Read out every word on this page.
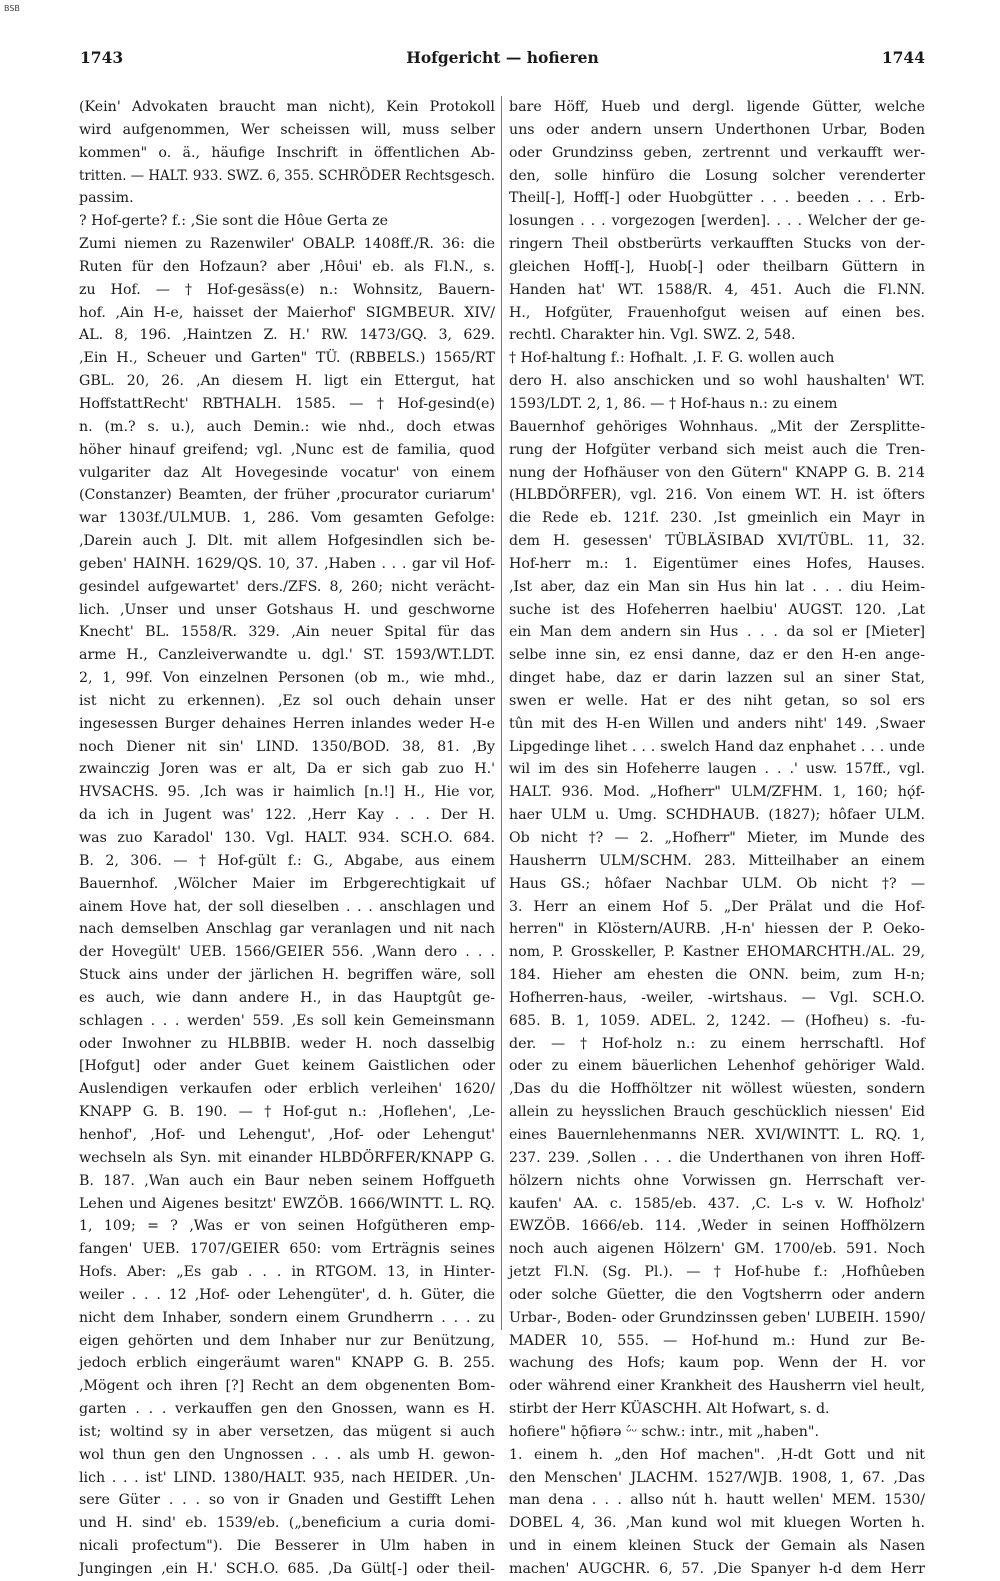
BSB
1743	Hofgericht — hofieren	1744
(Kein' Advokaten braucht man nicht), Kein Protokoll
wird aufgenommen, Wer scheissen will, muss selber
kommen" o. ä., häufige Inschrift in öffentlichen Ab-
tritten. — HALT. 933. SWZ. 6, 355. SCHRÖDER Rechtsgesch.
passim.
? Hof-gerte? f.: ‚Sie sont die Hôue Gerta ze
Zumi niemen zu Razenwiler' OBALP. 1408ff./R. 36: die
Ruten für den Hofzaun? aber ‚Hôui' eb. als Fl.N., s.
zu Hof. — † Hof-gesäss(e) n.: Wohnsitz, Bauern-
hof. ‚Ain H-e, haisset der Maierhof' SIGMBEUR. XIV/
AL. 8, 196. ‚Haintzen Z. H.' RW. 1473/GQ. 3, 629.
‚Ein H., Scheuer und Garten" TÜ. (RBBELS.) 1565/RT
GBL. 20, 26. ‚An diesem H. ligt ein Ettergut, hat
HoffstattRecht' RBTHALH. 1585. — † Hof-gesind(e)
n. (m.? s. u.), auch Demin.: wie nhd., doch etwas
höher hinauf greifend; vgl. ‚Nunc est de familia, quod
vulgariter daz Alt Hovegesinde vocatur' von einem
(Constanzer) Beamten, der früher ‚procurator curiarum'
war 1303f./ULMUB. 1, 286. Vom gesamten Gefolge:
‚Darein auch J. Dlt. mit allem Hofgesindlen sich be-
geben' HAINH. 1629/QS. 10, 37. ‚Haben . . . gar vil Hof-
gesindel aufgewartet' ders./ZFS. 8, 260; nicht verächt-
lich. ‚Unser und unser Gotshaus H. und geschworne
Knecht' BL. 1558/R. 329. ‚Ain neuer Spital für das
arme H., Canzleiverwandte u. dgl.' ST. 1593/WT.LDT.
2, 1, 99f. Von einzelnen Personen (ob m., wie mhd.,
ist nicht zu erkennen). ‚Ez sol ouch dehain unser
ingesessen Burger dehaines Herren inlandes weder H-e
noch Diener nit sin' LIND. 1350/BOD. 38, 81. ‚By
zwainczig Joren was er alt, Da er sich gab zuo H.'
HVSACHS. 95. ‚Ich was ir haimlich [n.!] H., Hie vor,
da ich in Jugent was' 122. ‚Herr Kay . . . Der H.
was zuo Karadol' 130. Vgl. HALT. 934. SCH.O. 684.
B. 2, 306. — † Hof-gült f.: G., Abgabe, aus einem
Bauernhof. ‚Wölcher Maier im Erbgerechtigkait uf
ainem Hove hat, der soll dieselben . . . anschlagen und
nach demselben Anschlag gar veranlagen und nit nach
der Hovegült' UEB. 1566/GEIER 556. ‚Wann dero . . .
Stuck ains under der järlichen H. begriffen wäre, soll
es auch, wie dann andere H., in das Hauptgût ge-
schlagen . . . werden' 559. ‚Es soll kein Gemeinsmann
oder Inwohner zu HLBBIB. weder H. noch dasselbig
[Hofgut] oder ander Guet keinem Gaistlichen oder
Auslendigen verkaufen oder erblich verleihen' 1620/
KNAPP G. B. 190. — † Hof-gut n.: ‚Hoflehen', ‚Le-
henhof', ‚Hof- und Lehengut', ‚Hof- oder Lehengut'
wechseln als Syn. mit einander HLBDÖRFER/KNAPP G.
B. 187. ‚Wan auch ein Baur neben seinem Hoffgueth
Lehen und Aigenes besitzt' EWZÖB. 1666/WINTT. L. RQ.
1, 109; = ? ‚Was er von seinen Hofgütheren emp-
fangen' UEB. 1707/GEIER 650: vom Erträgnis seines
Hofs. Aber: „Es gab . . . in RTGOM. 13, in Hinter-
weiler . . . 12 ‚Hof- oder Lehengüter', d. h. Güter, die
nicht dem Inhaber, sondern einem Grundherrn . . . zu
eigen gehörten und dem Inhaber nur zur Benützung,
jedoch erblich eingeräumt waren" KNAPP G. B. 255.
‚Mögent och ihren [?] Recht an dem obgenenten Bom-
garten . . . verkauffen gen den Gnossen, wann es H.
ist; woltind sy in aber versetzen, das mügent si auch
wol thun gen den Ungnossen . . . als umb H. gewon-
lich . . . ist' LIND. 1380/HALT. 935, nach HEIDER. ‚Un-
sere Güter . . . so von ir Gnaden und Gestifft Lehen
und H. sind' eb. 1539/eb. („beneficium a curia domi-
nicali profectum"). Die Besserer in Ulm haben in
Jungingen ‚ein H.' SCH.O. 685. ‚Da Gült[-] oder theil-
bare Höff, Hueb und dergl. ligende Gütter, welche
uns oder andern unsern Underthonen Urbar, Boden
oder Grundzinss geben, zertrennt und verkaufft wer-
den, solle hinfüro die Losung solcher verenderter
Theil[-], Hoff[-] oder Huobgütter . . . beeden . . . Erb-
losungen . . . vorgezogen [werden]. . . . Welcher der ge-
ringern Theil obstberürts verkaufften Stucks von der-
gleichen Hoff[-], Huob[-] oder theilbarn Güttern in
Handen hat' WT. 1588/R. 4, 451. Auch die Fl.NN.
H., Hofgüter, Frauenhofgut weisen auf einen bes.
rechtl. Charakter hin. Vgl. SWZ. 2, 548.
† Hof-haltung f.: Hofhalt. ‚I. F. G. wollen auch
dero H. also anschicken und so wohl haushalten' WT.
1593/LDT. 2, 1, 86. — † Hof-haus n.: zu einem
Bauernhof gehöriges Wohnhaus. „Mit der Zersplitte-
rung der Hofgüter verband sich meist auch die Tren-
nung der Hofhäuser von den Gütern" KNAPP G. B. 214
(HLBDÖRFER), vgl. 216. Von einem WT. H. ist öfters
die Rede eb. 121f. 230. ‚Ist gmeinlich ein Mayr in
dem H. gesessen' TÜBLÄSIBAD XVI/TÜBL. 11, 32.
Hof-herr m.: 1. Eigentümer eines Hofes, Hauses.
‚Ist aber, daz ein Man sin Hus hin lat . . . diu Heim-
suche ist des Hofeherren haelbiu' AUGST. 120. ‚Lat
ein Man dem andern sin Hus . . . da sol er [Mieter]
selbe inne sin, ez ensi danne, daz er den H-en ange-
dinget habe, daz er darin lazzen sul an siner Stat,
swen er welle. Hat er des niht getan, so sol ers
tûn mit des H-en Willen und anders niht' 149. ‚Swaer
Lipgedinge lihet . . . swelch Hand daz enphahet . . . unde
wil im des sin Hofeherre laugen . . .' usw. 157ff., vgl.
HALT. 936. Mod. „Hofherr" ULM/ZFHM. 1, 160; hǫ́f-
haer ULM u. Umg. SCHDHAUB. (1827); hôfaer ULM.
Ob nicht †? — 2. „Hofherr" Mieter, im Munde des
Hausherrn ULM/SCHM. 283. Mitteilhaber an einem
Haus GS.; hôfaer Nachbar ULM. Ob nicht †? —
3. Herr an einem Hof 5. „Der Prälat und die Hof-
herren" in Klöstern/AURB. ‚H-n' hiessen der P. Oeko-
nom, P. Grosskeller, P. Kastner EHOMARCHTH./AL. 29,
184. Hieher am ehesten die ONN. beim, zum H-n;
Hofherren-haus, -weiler, -wirtshaus. — Vgl. SCH.O.
685. B. 1, 1059. ADEL. 2, 1242. — (Hofheu) s. -fu-
der. — † Hof-holz n.: zu einem herrschaftl. Hof
oder zu einem bäuerlichen Lehenhof gehöriger Wald.
‚Das du die Hoffhöltzer nit wöllest wüesten, sondern
allein zu heysslichen Brauch geschücklich niessen' Eid
eines Bauernlehenmanns NER. XVI/WINTT. L. RQ. 1,
237. 239. ‚Sollen . . . die Underthanen von ihren Hoff-
hölzern nichts ohne Vorwissen gn. Herrschaft ver-
kaufen' AA. c. 1585/eb. 437. ‚C. L-s v. W. Hofholz'
EWZÖB. 1666/eb. 114. ‚Weder in seinen Hoffhölzern
noch auch aigenen Hölzern' GM. 1700/eb. 591. Noch
jetzt Fl.N. (Sg. Pl.). — † Hof-hube f.: ‚Hofhûeben
oder solche Güetter, die den Vogtsherrn oder andern
Urbar-, Boden- oder Grundzinssen geben' LUBEIH. 1590/
MADER 10, 555. — Hof-hund m.: Hund zur Be-
wachung des Hofs; kaum pop. Wenn der H. vor
oder während einer Krankheit des Hausherrn viel heult,
stirbt der Herr KÜASCHH. Alt Hofwart, s. d.
hofiere" hǭfiərə ᵕ́ᵕ schw.: intr., mit „haben".
1. einem h. „den Hof machen". ‚H-dt Gott und nit
den Menschen' JLACHM. 1527/WJB. 1908, 1, 67. ‚Das
man dena . . . allso nút h. hautt wellen' MEM. 1530/
DOBEL 4, 36. ‚Man kund wol mit kluegen Worten h.
und in einem kleinen Stuck der Gemain als Nasen
machen' AUGCHR. 6, 57. ‚Die Spanyer h-d dem Herr
